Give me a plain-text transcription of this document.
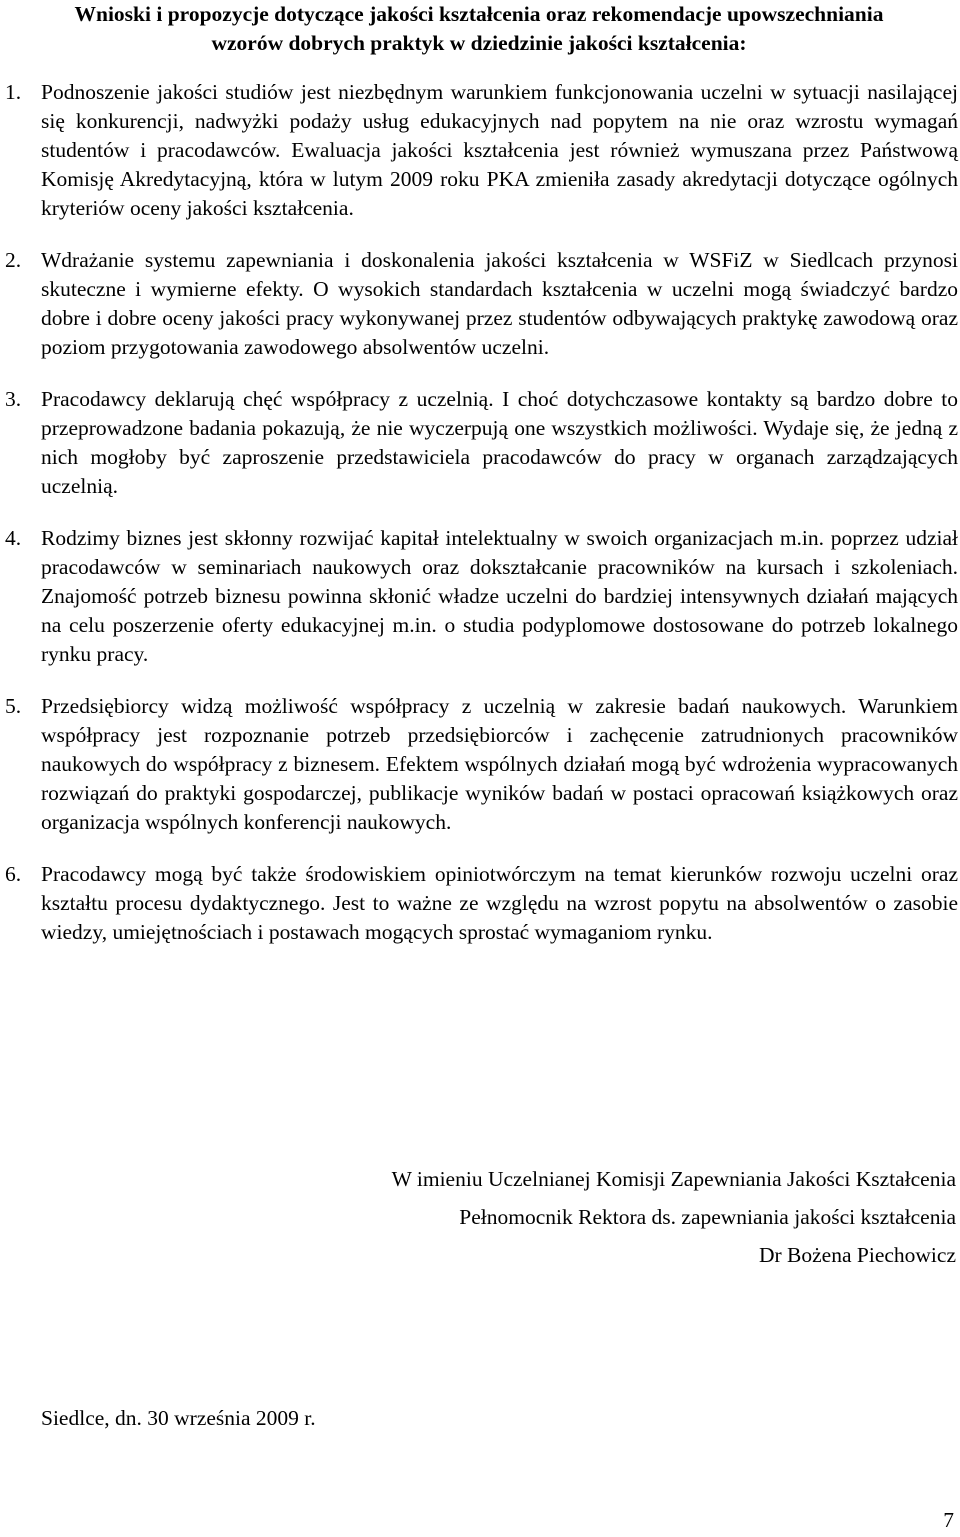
Wnioski i propozycje dotyczące jakości kształcenia oraz rekomendacje upowszechniania
wzorów dobrych praktyk w dziedzinie jakości kształcenia:
1. Podnoszenie jakości studiów jest niezbędnym warunkiem funkcjonowania uczelni w sytuacji nasilającej się konkurencji, nadwyżki podaży usług edukacyjnych nad popytem na nie oraz wzrostu wymagań studentów i pracodawców. Ewaluacja jakości kształcenia jest również wymuszana przez Państwową Komisję Akredytacyjną, która w lutym 2009 roku PKA zmieniła zasady akredytacji dotyczące ogólnych kryteriów oceny jakości kształcenia.
2. Wdrażanie systemu zapewniania i doskonalenia jakości kształcenia w WSFiZ w Siedlcach przynosi skuteczne i wymierne efekty. O wysokich standardach kształcenia w uczelni mogą świadczyć bardzo dobre i dobre oceny jakości pracy wykonywanej przez studentów odbywających praktykę zawodową oraz poziom przygotowania zawodowego absolwentów uczelni.
3. Pracodawcy deklarują chęć współpracy z uczelnią. I choć dotychczasowe kontakty są bardzo dobre to przeprowadzone badania pokazują, że nie wyczerpują one wszystkich możliwości. Wydaje się, że jedną z nich mogłoby być zaproszenie przedstawiciela pracodawców do pracy w organach zarządzających uczelnią.
4. Rodzimy biznes jest skłonny rozwijać kapitał intelektualny w swoich organizacjach m.in. poprzez udział pracodawców w seminariach naukowych oraz dokształcanie pracowników na kursach i szkoleniach. Znajomość potrzeb biznesu powinna skłonić władze uczelni do bardziej intensywnych działań mających na celu poszerzenie oferty edukacyjnej m.in. o studia podyplomowe dostosowane do potrzeb lokalnego rynku pracy.
5. Przedsiębiorcy widzą możliwość współpracy z uczelnią w zakresie badań naukowych. Warunkiem współpracy jest rozpoznanie potrzeb przedsiębiorców i zachęcenie zatrudnionych pracowników naukowych do współpracy z biznesem. Efektem wspólnych działań mogą być wdrożenia wypracowanych rozwiązań do praktyki gospodarczej, publikacje wyników badań w postaci opracowań książkowych oraz organizacja wspólnych konferencji naukowych.
6. Pracodawcy mogą być także środowiskiem opiniotwórczym na temat kierunków rozwoju uczelni oraz kształtu procesu dydaktycznego. Jest to ważne ze względu na wzrost popytu na absolwentów o zasobie wiedzy, umiejętnościach i postawach mogących sprostać wymaganiom rynku.
W imieniu Uczelnianej Komisji Zapewniania Jakości Kształcenia
Pełnomocnik Rektora ds. zapewniania jakości kształcenia
Dr Bożena Piechowicz
Siedlce, dn. 30 września 2009 r.
7
